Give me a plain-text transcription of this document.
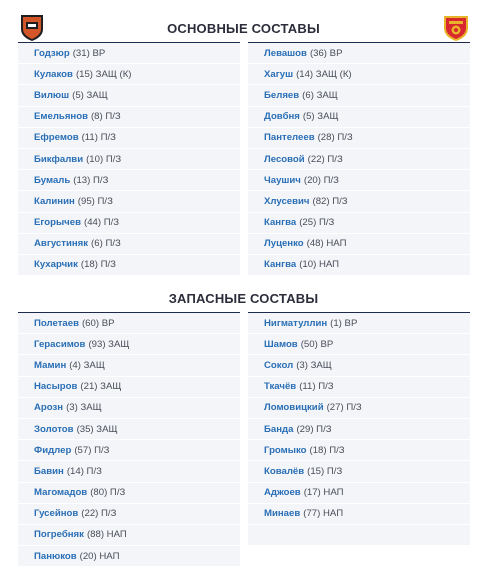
ОСНОВНЫЕ СОСТАВЫ
Годзюр (31) ВР
Кулаков (15) ЗАЩ (К)
Вилюш (5) ЗАЩ
Емельянов (8) П/З
Ефремов (11) П/З
Бикфалви (10) П/З
Бумаль (13) П/З
Калинин (95) П/З
Егорычев (44) П/З
Августиняк (6) П/З
Кухарчик (18) П/З
Левашов (36) ВР
Хагуш (14) ЗАЩ (К)
Беляев (6) ЗАЩ
Довбня (5) ЗАЩ
Пантелеев (28) П/З
Лесовой (22) П/З
Чаушич (20) П/З
Хлусевич (82) П/З
Кангва (25) П/З
Луценко (48) НАП
Кангва (10) НАП
ЗАПАСНЫЕ СОСТАВЫ
Полетаев (60) ВР
Герасимов (93) ЗАЩ
Мамин (4) ЗАЩ
Насыров (21) ЗАЩ
Арозн (3) ЗАЩ
Золотов (35) ЗАЩ
Фидлер (57) П/З
Бавин (14) П/З
Магомадов (80) П/З
Гусейнов (22) П/З
Погребняк (88) НАП
Панюков (20) НАП
Нигматуллин (1) ВР
Шамов (50) ВР
Сокол (3) ЗАЩ
Ткачёв (11) П/З
Ломовицкий (27) П/З
Банда (29) П/З
Громыко (18) П/З
Ковалёв (15) П/З
Аджоев (17) НАП
Минаев (77) НАП
